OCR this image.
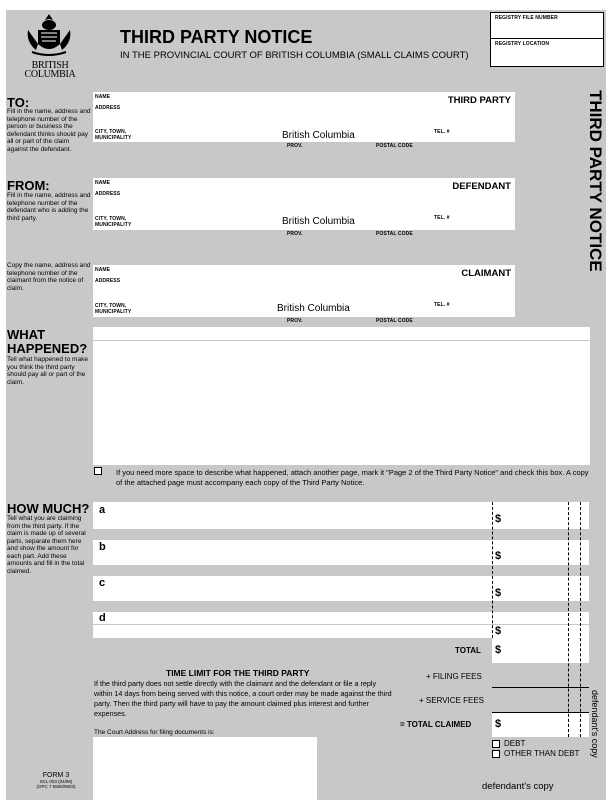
BRITISH
COLUMBIA
THIRD PARTY NOTICE
IN THE PROVINCIAL COURT OF BRITISH COLUMBIA (SMALL CLAIMS COURT)
REGISTRY FILE NUMBER
REGISTRY LOCATION
THIRD PARTY NOTICE
TO:
Fill in the name, address and telephone number of the person or business the defendant thinks should pay all or part of the claim against the defendant.
NAME	THIRD PARTY
ADDRESS
CITY, TOWN, MUNICIPALITY	British Columbia	TEL. #
PROV.	POSTAL CODE
FROM:
Fill in the name, address and telephone number of the defendant who is adding the third party.
NAME	DEFENDANT
ADDRESS
CITY, TOWN, MUNICIPALITY	British Columbia	TEL. #
PROV.	POSTAL CODE
Copy the name, address and telephone number of the claimant from the notice of claim.
NAME	CLAIMANT
ADDRESS
CITY, TOWN, MUNICIPALITY	British Columbia	TEL. #
PROV.	POSTAL CODE
WHAT
HAPPENED?
Tell what happened to make you think the third party should pay all or part of the claim.
If you need more space to describe what happened, attach another page, mark it "Page 2 of the Third Party Notice" and check this box. A copy of the attached page must accompany each copy of the Third Party Notice.
HOW MUCH?
Tell what you are claiming from the third party. If the claim is made up of several parts, separate them here and show the amount for each part. Add these amounts and fill in the total claimed.
a
$
b
$
c
$
d
$
TOTAL $
+ FILING FEES
+ SERVICE FEES
= TOTAL CLAIMED $
DEBT
OTHER THAN DEBT defendant's copy
TIME LIMIT FOR THE THIRD PARTY
If the third party does not settle directly with the claimant and the defendant or file a reply within 14 days from being served with this notice, a court order may be made against the third party. Then the third party will have to pay the amount claimed plus interest and further expenses.
The Court Address for filing documents is:
FORM 3
SCL 003 (04/96)
(OPC 7 5506/9603)	defendant's copy
